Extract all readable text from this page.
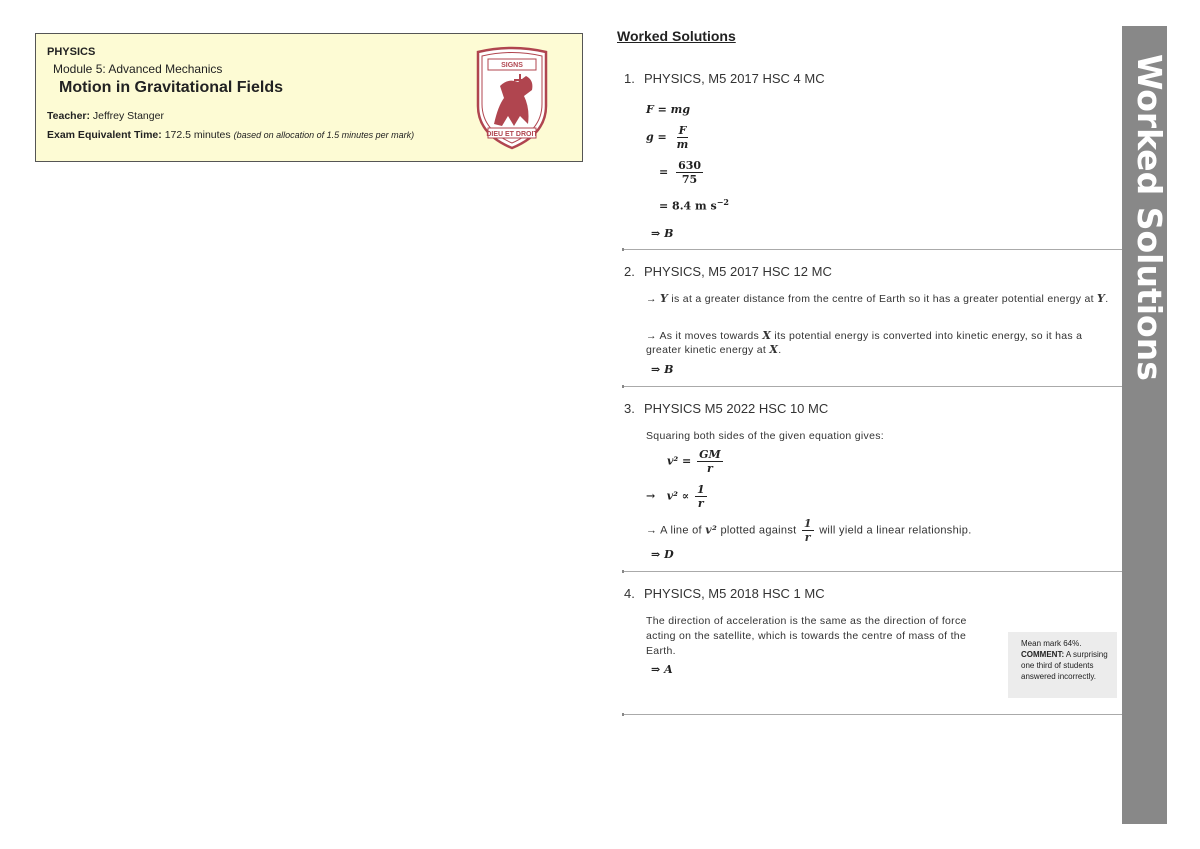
PHYSICS
Module 5: Advanced Mechanics
Motion in Gravitational Fields
Teacher: Jeffrey Stanger
Exam Equivalent Time: 172.5 minutes (based on allocation of 1.5 minutes per mark)
SIGNS
DIEU ET DROIT
Worked Solutions
1. PHYSICS, M5 2017 HSC 4 MC
F = mg
$g = \frac{F}{m}$
= $\frac{630}{75}$
= 8.4 m $s^{-2}$
⇒ B
2. PHYSICS, M5 2017 HSC 12 MC
→ Y is at a greater distance from the centre of Earth so it has a greater potential energy at Y.
→ As it moves towards X its potential energy is converted into kinetic energy, so it has a greater kinetic energy at X.
⇒ B
3. PHYSICS M5 2022 HSC 10 MC
Squaring both sides of the given equation gives:
$v^2 = \frac{GM}{r}$
→ $v^2 \propto \frac{1}{r}$
→ A line of v² plotted against $\frac{1}{r}$ will yield a linear relationship.
⇒ D
4. PHYSICS, M5 2018 HSC 1 MC
The direction of acceleration is the same as the direction of force acting on the satellite, which is towards the centre of mass of the Earth.
⇒ A
Mean mark 64%.
COMMENT: A surprising one third of students answered incorrectly.
Worked Solutions
